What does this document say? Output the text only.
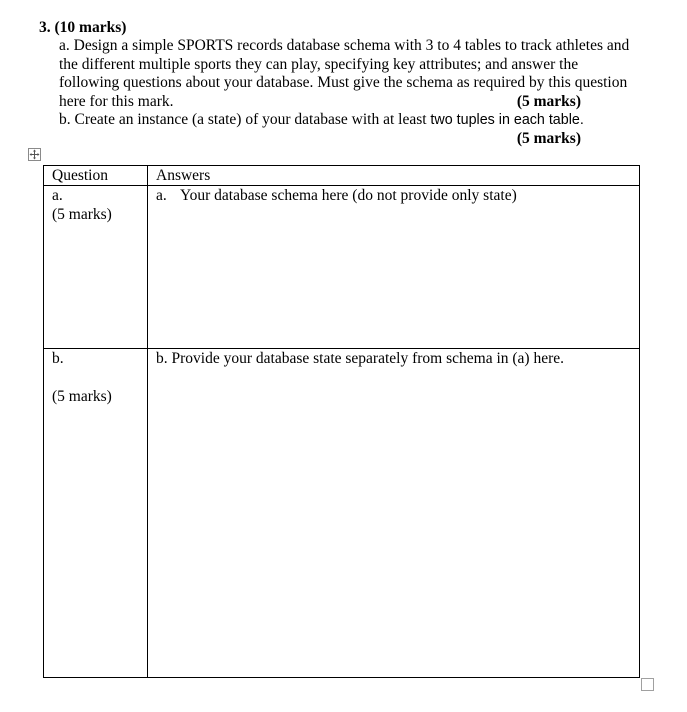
3. (10 marks)

a. Design a simple SPORTS records database schema with 3 to 4 tables to track athletes and
the different multiple sports they can play, specifying key attributes; and answer the
following questions about your database. Must give the schema as required by this question
here for this mark.	(5 marks)

b. Create an instance (a state) of your database with at least two tuples in each table.

(5 marks)
Question	Answers

a.
(5 marks)	a. Your database schema here (do not provide only state)

b.
(5 marks)	b. Provide your database state separately from schema in (a) here.
